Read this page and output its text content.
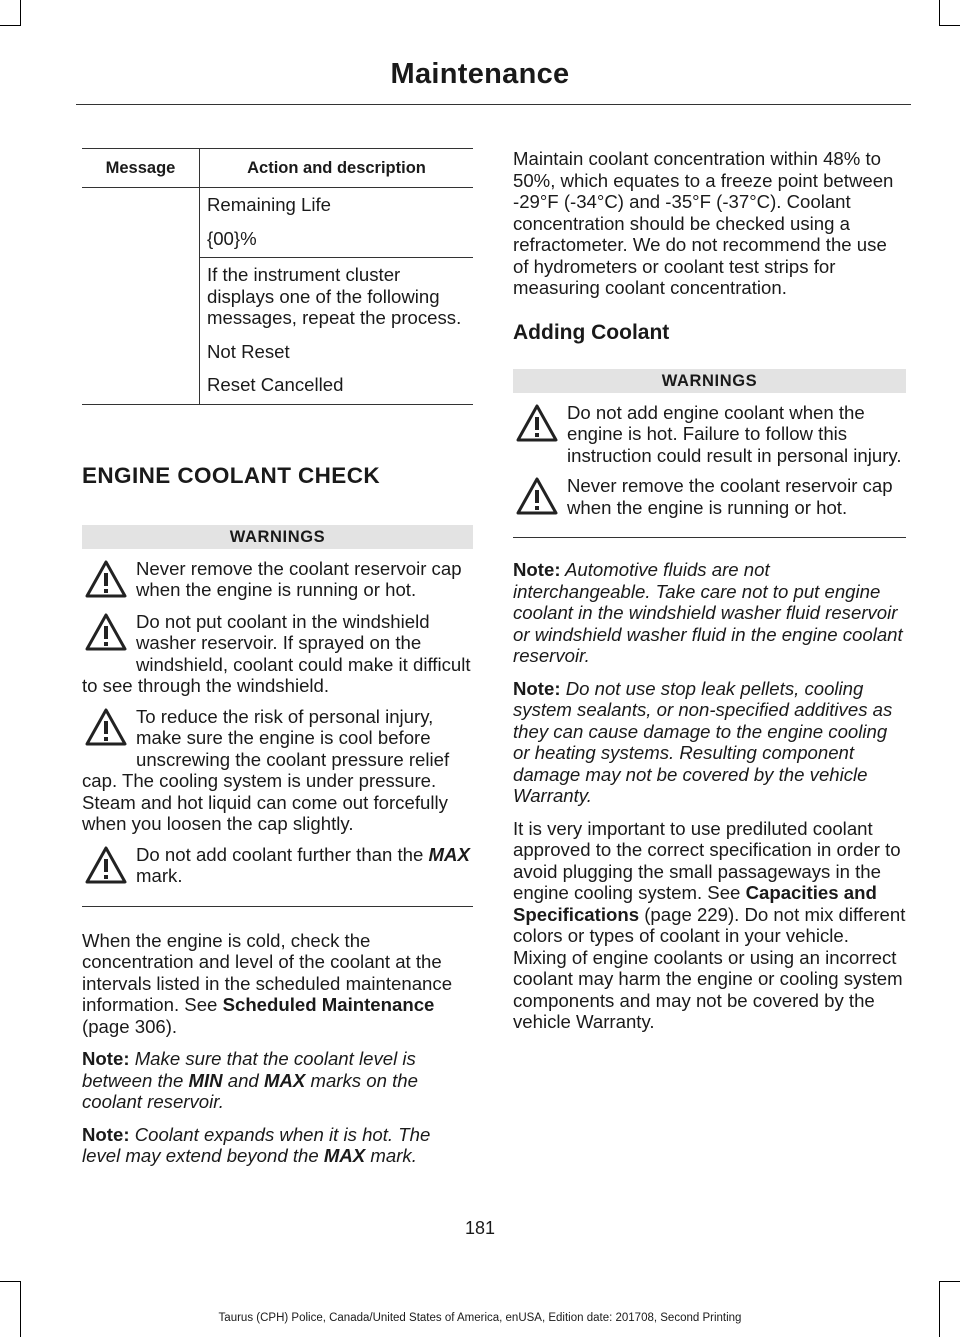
Maintenance
Message	Action and description

	Remaining Life

{00}%

	If the instrument cluster displays one of the following messages, repeat the process.

Not Reset

Reset Cancelled

ENGINE COOLANT CHECK
WARNINGS
Never remove the coolant reservoir cap when the engine is running or hot.
Do not put coolant in the windshield washer reservoir. If sprayed on the windshield, coolant could make it difficult to see through the windshield.
To reduce the risk of personal injury, make sure the engine is cool before unscrewing the coolant pressure relief cap. The cooling system is under pressure. Steam and hot liquid can come out forcefully when you loosen the cap slightly.
Do not add coolant further than the MAX mark.

When the engine is cold, check the concentration and level of the coolant at the intervals listed in the scheduled maintenance information. See Scheduled Maintenance (page 306).

Note: Make sure that the coolant level is between the MIN and MAX marks on the coolant reservoir.

Note: Coolant expands when it is hot. The level may extend beyond the MAX mark.

Maintain coolant concentration within 48% to 50%, which equates to a freeze point between -29°F (-34°C) and -35°F (-37°C). Coolant concentration should be checked using a refractometer. We do not recommend the use of hydrometers or coolant test strips for measuring coolant concentration.

Adding Coolant
WARNINGS
Do not add engine coolant when the engine is hot. Failure to follow this instruction could result in personal injury.
Never remove the coolant reservoir cap when the engine is running or hot.

Note: Automotive fluids are not interchangeable. Take care not to put engine coolant in the windshield washer fluid reservoir or windshield washer fluid in the engine coolant reservoir.

Note: Do not use stop leak pellets, cooling system sealants, or non-specified additives as they can cause damage to the engine cooling or heating systems. Resulting component damage may not be covered by the vehicle Warranty.

It is very important to use prediluted coolant approved to the correct specification in order to avoid plugging the small passageways in the engine cooling system. See Capacities and Specifications (page 229). Do not mix different colors or types of coolant in your vehicle. Mixing of engine coolants or using an incorrect coolant may harm the engine or cooling system components and may not be covered by the vehicle Warranty.

181
Taurus (CPH) Police, Canada/United States of America, enUSA, Edition date: 201708, Second Printing
